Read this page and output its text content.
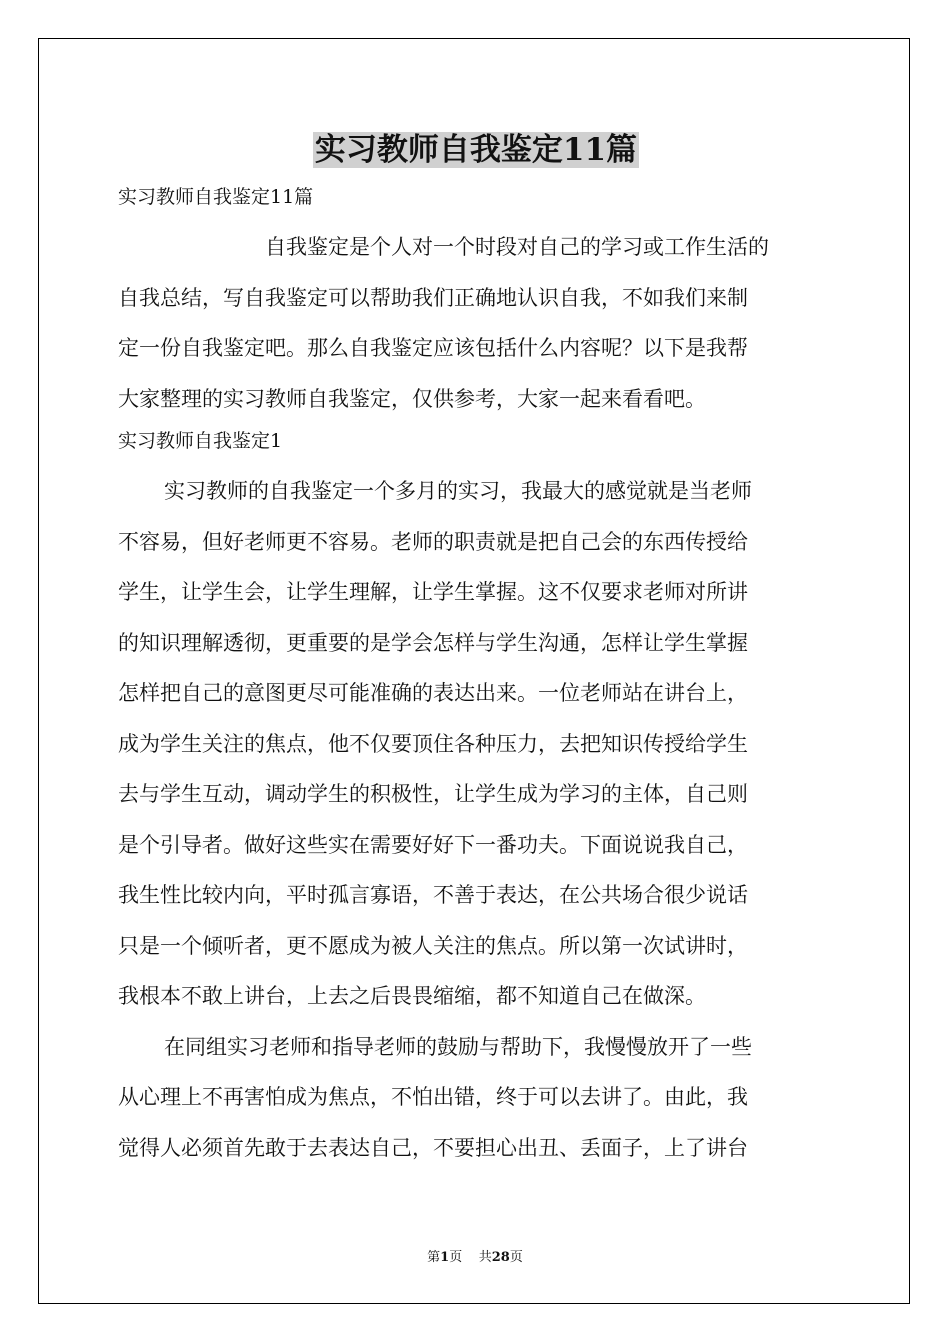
实习教师自我鉴定11篇
实习教师自我鉴定11篇

自我鉴定是个人对一个时段对自己的学习或工作生活的
自我总结，写自我鉴定可以帮助我们正确地认识自我，不如我们来制
定一份自我鉴定吧。那么自我鉴定应该包括什么内容呢？以下是我帮
大家整理的实习教师自我鉴定，仅供参考，大家一起来看看吧。

实习教师自我鉴定1

实习教师的自我鉴定一个多月的实习，我最大的感觉就是当老师
不容易，但好老师更不容易。老师的职责就是把自己会的东西传授给
学生，让学生会，让学生理解，让学生掌握。这不仅要求老师对所讲
的知识理解透彻，更重要的是学会怎样与学生沟通，怎样让学生掌握
怎样把自己的意图更尽可能准确的表达出来。一位老师站在讲台上，
成为学生关注的焦点，他不仅要顶住各种压力，去把知识传授给学生
去与学生互动，调动学生的积极性，让学生成为学习的主体，自己则
是个引导者。做好这些实在需要好好下一番功夫。下面说说我自己，
我生性比较内向，平时孤言寡语，不善于表达，在公共场合很少说话
只是一个倾听者，更不愿成为被人关注的焦点。所以第一次试讲时，
我根本不敢上讲台，上去之后畏畏缩缩，都不知道自己在做深。

在同组实习老师和指导老师的鼓励与帮助下，我慢慢放开了一些
从心理上不再害怕成为焦点，不怕出错，终于可以去讲了。由此，我
觉得人必须首先敢于去表达自己，不要担心出丑、丢面子，上了讲台

第1页 共28页
